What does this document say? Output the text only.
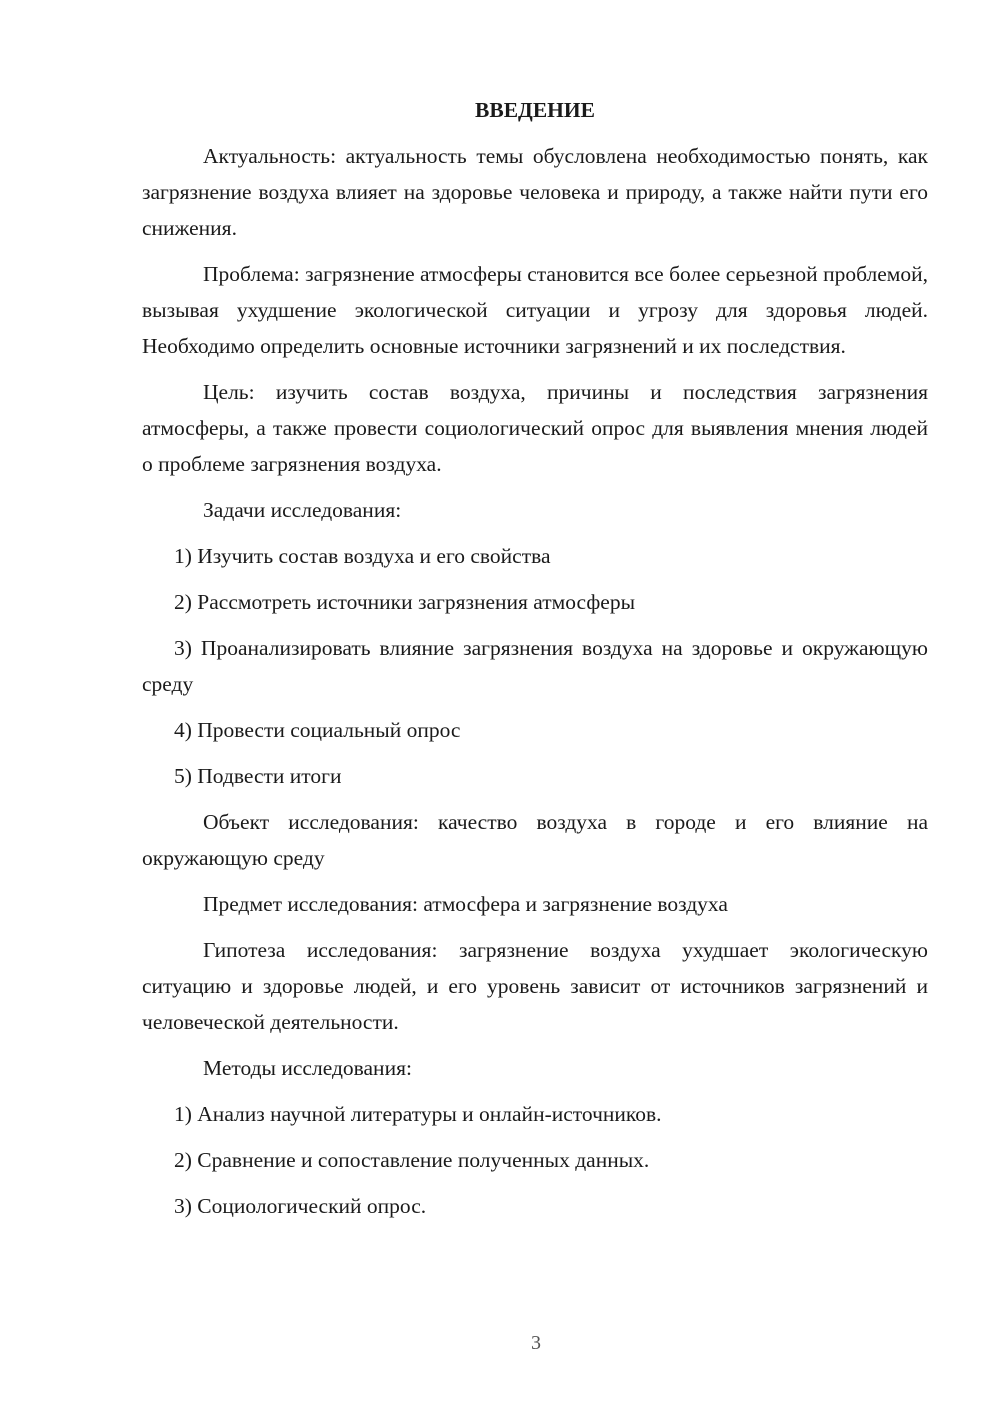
ВВЕДЕНИЕ
Актуальность: актуальность темы обусловлена необходимостью понять, как загрязнение воздуха влияет на здоровье человека и природу, а также найти пути его снижения.
Проблема: загрязнение атмосферы становится все более серьезной проблемой, вызывая ухудшение экологической ситуации и угрозу для здоровья людей. Необходимо определить основные источники загрязнений и их последствия.
Цель: изучить состав воздуха, причины и последствия загрязнения атмосферы, а также провести социологический опрос для выявления мнения людей о проблеме загрязнения воздуха.
Задачи исследования:
1) Изучить состав воздуха и его свойства
2) Рассмотреть источники загрязнения атмосферы
3) Проанализировать влияние загрязнения воздуха на здоровье и окружающую среду
4) Провести социальный опрос
5) Подвести итоги
Объект исследования: качество воздуха в городе и его влияние на окружающую среду
Предмет исследования: атмосфера и загрязнение воздуха
Гипотеза исследования: загрязнение воздуха ухудшает экологическую ситуацию и здоровье людей, и его уровень зависит от источников загрязнений и человеческой деятельности.
Методы исследования:
1) Анализ научной литературы и онлайн-источников.
2) Сравнение и сопоставление полученных данных.
3) Социологический опрос.
3
